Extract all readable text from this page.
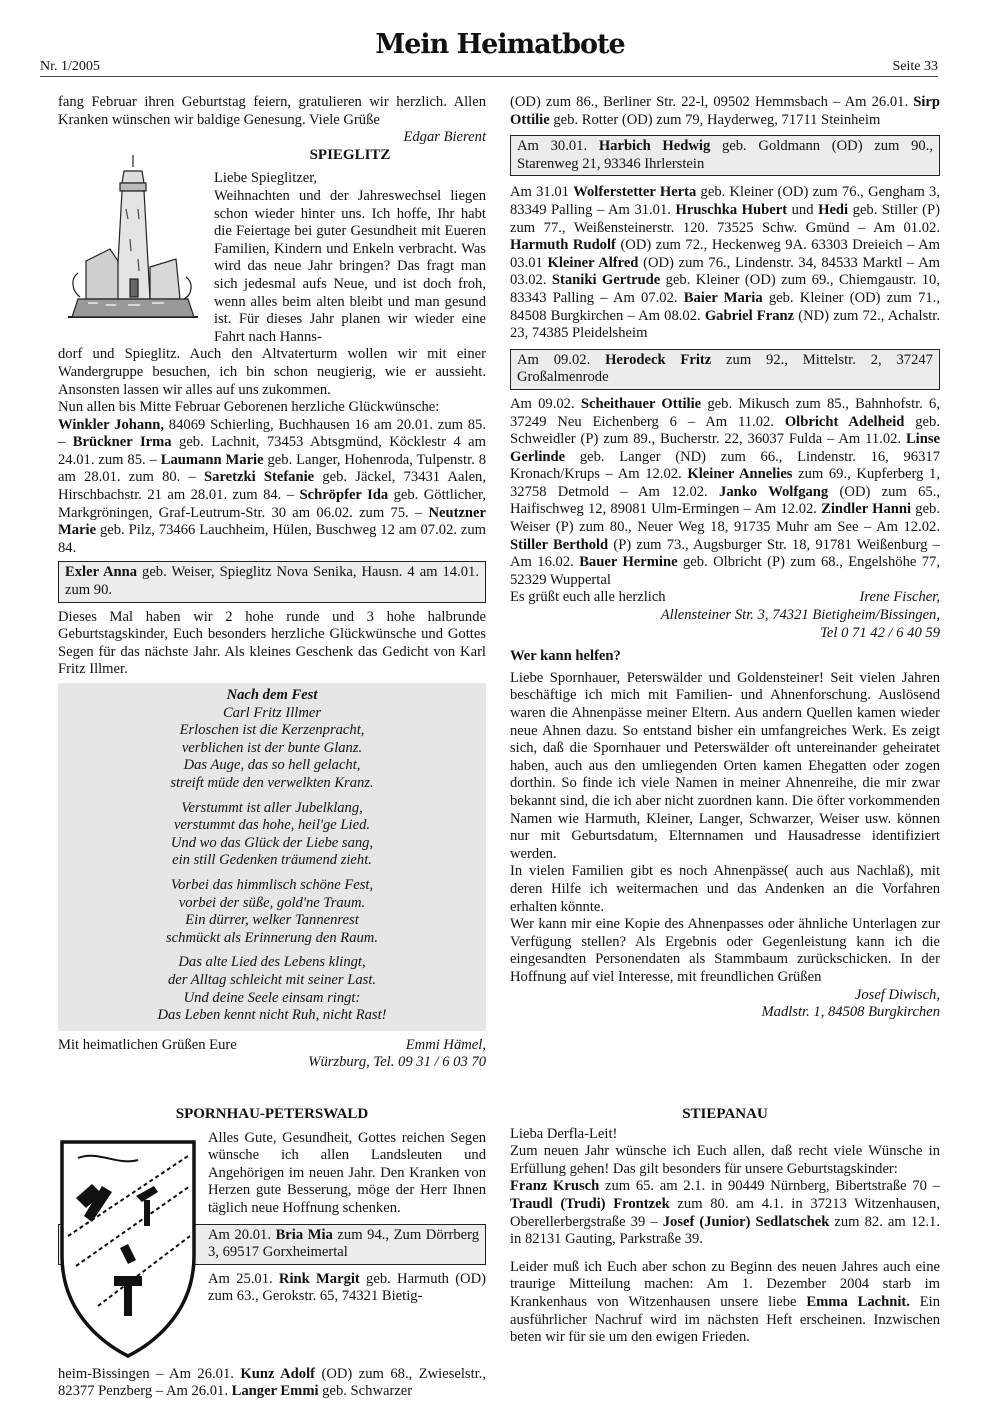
Nr. 1/2005
Mein Heimatbote
Seite 33

fang Februar ihren Geburtstag feiern, gratulieren wir herzlich. Allen

Kranken wünschen wir baldige Genesung. Viele Grüße

Edgar Bierent

SPIEGLITZ

Liebe Spieglitzer,

Weihnachten und der Jahreswechsel liegen schon wieder hinter uns. Ich hoffe, Ihr habt die Feiertage bei guter Gesundheit mit Eueren Familien, Kindern und Enkeln verbracht. Was wird das neue Jahr bringen? Das fragt man sich jedesmal aufs Neue, und ist doch froh, wenn alles beim alten bleibt und man gesund ist. Für dieses Jahr planen wir wieder eine Fahrt nach Hanns-

dorf und Spieglitz. Auch den Altvaterturm wollen wir mit einer Wandergruppe besuchen, ich bin schon neugierig, wie er aussieht. Ansonsten lassen wir alles auf uns zukommen.

Nun allen bis Mitte Februar Geborenen herzliche Glückwünsche:

Winkler Johann, 84069 Schierling, Buchhausen 16 am 20.01. zum 85. – Brückner Irma geb. Lachnit, 73453 Abtsgmünd, Köcklestr 4 am 24.01. zum 85. – Laumann Marie geb. Langer, Hohenroda, Tulpenstr. 8 am 28.01. zum 80. – Saretzki Stefanie geb. Jäckel, 73431 Aalen, Hirschbachstr. 21 am 28.01. zum 84. – Schröpfer Ida geb. Göttlicher, Markgröningen, Graf-Leutrum-Str. 30 am 06.02. zum 75. – Neutzner Marie geb. Pilz, 73466 Lauchheim, Hülen, Buschweg 12 am 07.02. zum 84.

Exler Anna geb. Weiser, Spieglitz Nova Senika, Hausn. 4 am 14.01. zum 90.

Dieses Mal haben wir 2 hohe runde und 3 hohe halbrunde Geburtstagskinder, Euch besonders herzliche Glückwünsche und Gottes Segen für das nächste Jahr. Als kleines Geschenk das Gedicht von Karl Fritz Illmer.

Nach dem Fest
Carl Fritz Illmer
Erloschen ist die Kerzenpracht,
verblichen ist der bunte Glanz.
Das Auge, das so hell gelacht,
streift müde den verwelkten Kranz.
Verstummt ist aller Jubelklang,
verstummt das hohe, heil'ge Lied.
Und wo das Glück der Liebe sang,
ein still Gedenken träumend zieht.
Vorbei das himmlisch schöne Fest,
vorbei der süße, gold'ne Traum.
Ein dürrer, welker Tannenrest
schmückt als Erinnerung den Raum.
Das alte Lied des Lebens klingt,
der Alltag schleicht mit seiner Last.
Und deine Seele einsam ringt:
Das Leben kennt nicht Ruh, nicht Rast!
Mit heimatlichen Grüßen Eure	Emmi Hämel,

Würzburg, Tel. 09 31 / 6 03 70

(OD) zum 86., Berliner Str. 22-l, 09502 Hemmsbach – Am 26.01. Sirp Ottilie geb. Rotter (OD) zum 79, Hayderweg, 71711 Steinheim

Am 30.01. Harbich Hedwig geb. Goldmann (OD) zum 90., Starenweg 21, 93346 Ihrlerstein

Am 31.01 Wolferstetter Herta geb. Kleiner (OD) zum 76., Gengham 3, 83349 Palling – Am 31.01. Hruschka Hubert und Hedi geb. Stiller (P) zum 77., Weißensteinerstr. 120. 73525 Schw. Gmünd – Am 01.02. Harmuth Rudolf (OD) zum 72., Heckenweg 9A. 63303 Dreieich – Am 03.01 Kleiner Alfred (OD) zum 76., Lindenstr. 34, 84533 Marktl – Am 03.02. Staniki Gertrude geb. Kleiner (OD) zum 69., Chiemgaustr. 10, 83343 Palling – Am 07.02. Baier Maria geb. Kleiner (OD) zum 71., 84508 Burgkirchen – Am 08.02. Gabriel Franz (ND) zum 72., Achalstr. 23, 74385 Pleidelsheim

Am 09.02. Herodeck Fritz zum 92., Mittelstr. 2, 37247 Großalmenrode

Am 09.02. Scheithauer Ottilie geb. Mikusch zum 85., Bahnhofstr. 6, 37249 Neu Eichenberg 6 – Am 11.02. Olbricht Adelheid geb. Schweidler (P) zum 89., Bucherstr. 22, 36037 Fulda – Am 11.02. Linse Gerlinde geb. Langer (ND) zum 66., Lindenstr. 16, 96317 Kronach/Krups – Am 12.02. Kleiner Annelies zum 69., Kupferberg 1, 32758 Detmold – Am 12.02. Janko Wolfgang (OD) zum 65., Haifischweg 12, 89081 Ulm-Ermingen – Am 12.02. Zindler Hanni geb. Weiser (P) zum 80., Neuer Weg 18, 91735 Muhr am See – Am 12.02. Stiller Berthold (P) zum 73., Augsburger Str. 18, 91781 Weißenburg – Am 16.02. Bauer Hermine geb. Olbricht (P) zum 68., Engelshöhe 77, 52329 Wuppertal

Es grüßt euch alle herzlich	Irene Fischer,

Allensteiner Str. 3, 74321 Bietigheim/Bissingen,

Tel 0 71 42 / 6 40 59

Wer kann helfen?

Liebe Spornhauer, Peterswälder und Goldensteiner! Seit vielen Jahren beschäftige ich mich mit Familien- und Ahnenforschung. Auslösend waren die Ahnenpässe meiner Eltern. Aus andern Quellen kamen wieder neue Ahnen dazu. So entstand bisher ein umfangreiches Werk. Es zeigt sich, daß die Spornhauer und Peterswälder oft untereinander geheiratet haben, auch aus den umliegenden Orten kamen Ehegatten oder zogen dorthin. So finde ich viele Namen in meiner Ahnenreihe, die mir zwar bekannt sind, die ich aber nicht zuordnen kann. Die öfter vorkommenden Namen wie Harmuth, Kleiner, Langer, Schwarzer, Weiser usw. können nur mit Geburtsdatum, Elternnamen und Hausadresse identifiziert werden.

In vielen Familien gibt es noch Ahnenpässe( auch aus Nachlaß), mit deren Hilfe ich weitermachen und das Andenken an die Vorfahren erhalten könnte.

Wer kann mir eine Kopie des Ahnenpasses oder ähnliche Unterlagen zur Verfügung stellen? Als Ergebnis oder Gegenleistung kann ich die eingesandten Personendaten als Stammbaum zurückschicken. In der Hoffnung auf viel Interesse, mit freundlichen Grüßen

Josef Diwisch,

Madlstr. 1, 84508 Burgkirchen

SPORNHAU-PETERSWALD

Alles Gute, Gesundheit, Gottes reichen Segen wünsche ich allen Landsleuten und Angehörigen im neuen Jahr. Den Kranken von Herzen gute Besserung, möge der Herr Ihnen täglich neue Hoffnung schenken.

Am 20.01. Bria Mia zum 94., Zum Dörrberg 3, 69517 Gorxheimertal

Am 25.01. Rink Margit geb. Harmuth (OD) zum 63., Gerokstr. 65, 74321 Bietig-

heim-Bissingen – Am 26.01. Kunz Adolf (OD) zum 68., Zwieselstr., 82377 Penzberg – Am 26.01. Langer Emmi geb. Schwarzer

STIEPANAU

Lieba Derfla-Leit!

Zum neuen Jahr wünsche ich Euch allen, daß recht viele Wünsche in Erfüllung gehen! Das gilt besonders für unsere Geburtstagskinder:

Franz Krusch zum 65. am 2.1. in 90449 Nürnberg, Bibertstraße 70 – Traudl (Trudi) Frontzek zum 80. am 4.1. in 37213 Witzenhausen, Oberellerbergstraße 39 – Josef (Junior) Sedlatschek zum 82. am 12.1. in 82131 Gauting, Parkstraße 39.

Leider muß ich Euch aber schon zu Beginn des neuen Jahres auch eine traurige Mitteilung machen: Am 1. Dezember 2004 starb im Krankenhaus von Witzenhausen unsere liebe Emma Lachnit. Ein ausführlicher Nachruf wird im nächsten Heft erscheinen. Inzwischen beten wir für sie um den ewigen Frieden.
